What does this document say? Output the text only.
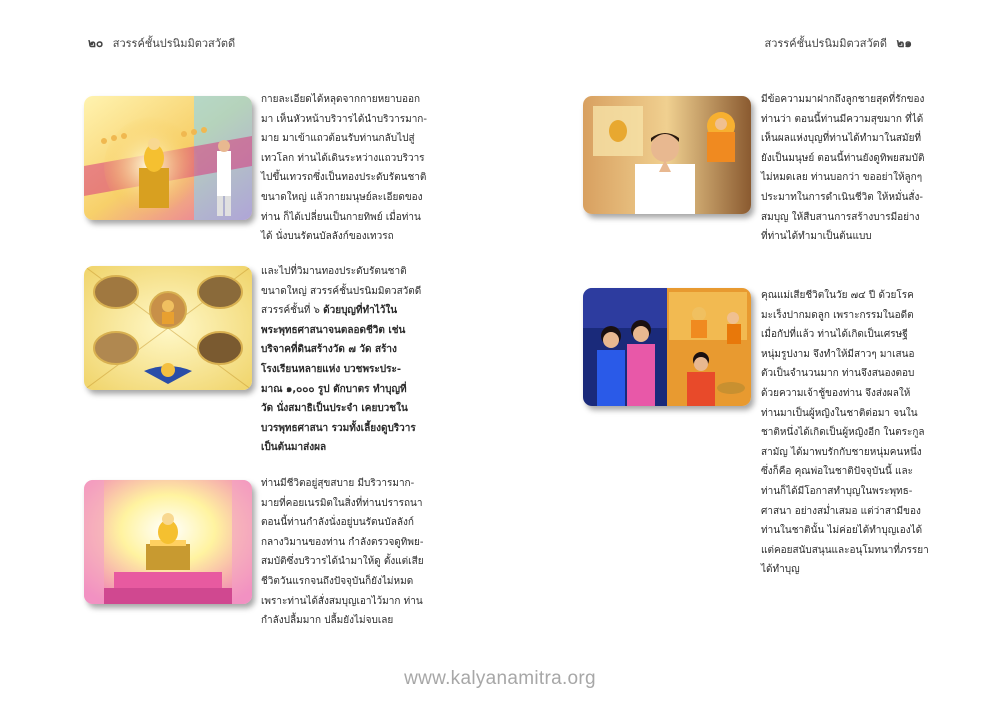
๒๐ สวรรค์ชั้นปรนิมมิตวสวัตดี	สวรรค์ชั้นปรนิมมิตวสวัตดี ๒๑
กายละเอียดได้หลุดจากกายหยาบออก
มา เห็นหัวหน้าบริวารได้นำบริวารมาก-
มาย มาเข้าแถวต้อนรับท่านกลับไปสู่
เทวโลก ท่านได้เดินระหว่างแถวบริวาร
ไปขึ้นเทวรถซึ่งเป็นทองประดับรัตนชาติ
ขนาดใหญ่ แล้วกายมนุษย์ละเอียดของ
ท่าน ก็ได้เปลี่ยนเป็นกายทิพย์ เมื่อท่าน
ได้ นั่งบนรัตนบัลลังก์ของเทวรถ
และไปที่วิมานทองประดับรัตนชาติ
ขนาดใหญ่ สวรรค์ชั้นปรนิมมิตวสวัตดี
สวรรค์ชั้นที่ ๖ ด้วยบุญที่ทำไว้ใน
พระพุทธศาสนาจนตลอดชีวิต เช่น
บริจาคที่ดินสร้างวัด ๗ วัด สร้าง
โรงเรียนหลายแห่ง บวชพระประ-
มาณ ๑,๐๐๐ รูป ตักบาตร ทำบุญที่
วัด นั่งสมาธิเป็นประจำ เคยบวชใน
บวรพุทธศาสนา รวมทั้งเลี้ยงดูบริวาร
เป็นต้นมาส่งผล
ท่านมีชีวิตอยู่สุขสบาย มีบริวารมาก-
มายที่คอยเนรมิตในสิ่งที่ท่านปรารถนา
ตอนนี้ท่านกำลังนั่งอยู่บนรัตนบัลลังก์
กลางวิมานของท่าน กำลังตรวจดูทิพย-
สมบัติซึ่งบริวารได้นำมาให้ดู ตั้งแต่เสีย
ชีวิตวันแรกจนถึงปัจจุบันก็ยังไม่หมด
เพราะท่านได้สั่งสมบุญเอาไว้มาก ท่าน
กำลังปลื้มมาก ปลื้มยังไม่จบเลย
มีข้อความมาฝากถึงลูกชายสุดที่รักของ
ท่านว่า ตอนนี้ท่านมีความสุขมาก ที่ได้
เห็นผลแห่งบุญที่ท่านได้ทำมาในสมัยที่
ยังเป็นมนุษย์ ตอนนี้ท่านยังดูทิพยสมบัติ
ไม่หมดเลย ท่านบอกว่า ขออย่าให้ลูกๆ
ประมาทในการดำเนินชีวิต ให้หมั่นสั่ง-
สมบุญ ให้สืบสานการสร้างบารมีอย่าง
ที่ท่านได้ทำมาเป็นต้นแบบ
คุณแม่เสียชีวิตในวัย ๗๔ ปี ด้วยโรค
มะเร็งปากมดลูก เพราะกรรมในอดีต
เมื่อกัปที่แล้ว ท่านได้เกิดเป็นเศรษฐี
หนุ่มรูปงาม จึงทำให้มีสาวๆ มาเสนอ
ตัวเป็นจำนวนมาก ท่านจึงสนองตอบ
ด้วยความเจ้าชู้ของท่าน จึงส่งผลให้
ท่านมาเป็นผู้หญิงในชาติต่อมา จนใน
ชาติหนึ่งได้เกิดเป็นผู้หญิงอีก ในตระกูล
สามัญ ได้มาพบรักกับชายหนุ่มคนหนึ่ง
ซึ่งก็คือ คุณพ่อในชาติปัจจุบันนี้ และ
ท่านก็ได้มีโอกาสทำบุญในพระพุทธ-
ศาสนา อย่างสม่ำเสมอ แต่ว่าสามีของ
ท่านในชาตินั้น ไม่ค่อยได้ทำบุญเองได้
แต่คอยสนับสนุนและอนุโมทนาที่ภรรยา
ได้ทำบุญ
www.kalyanamitra.org
